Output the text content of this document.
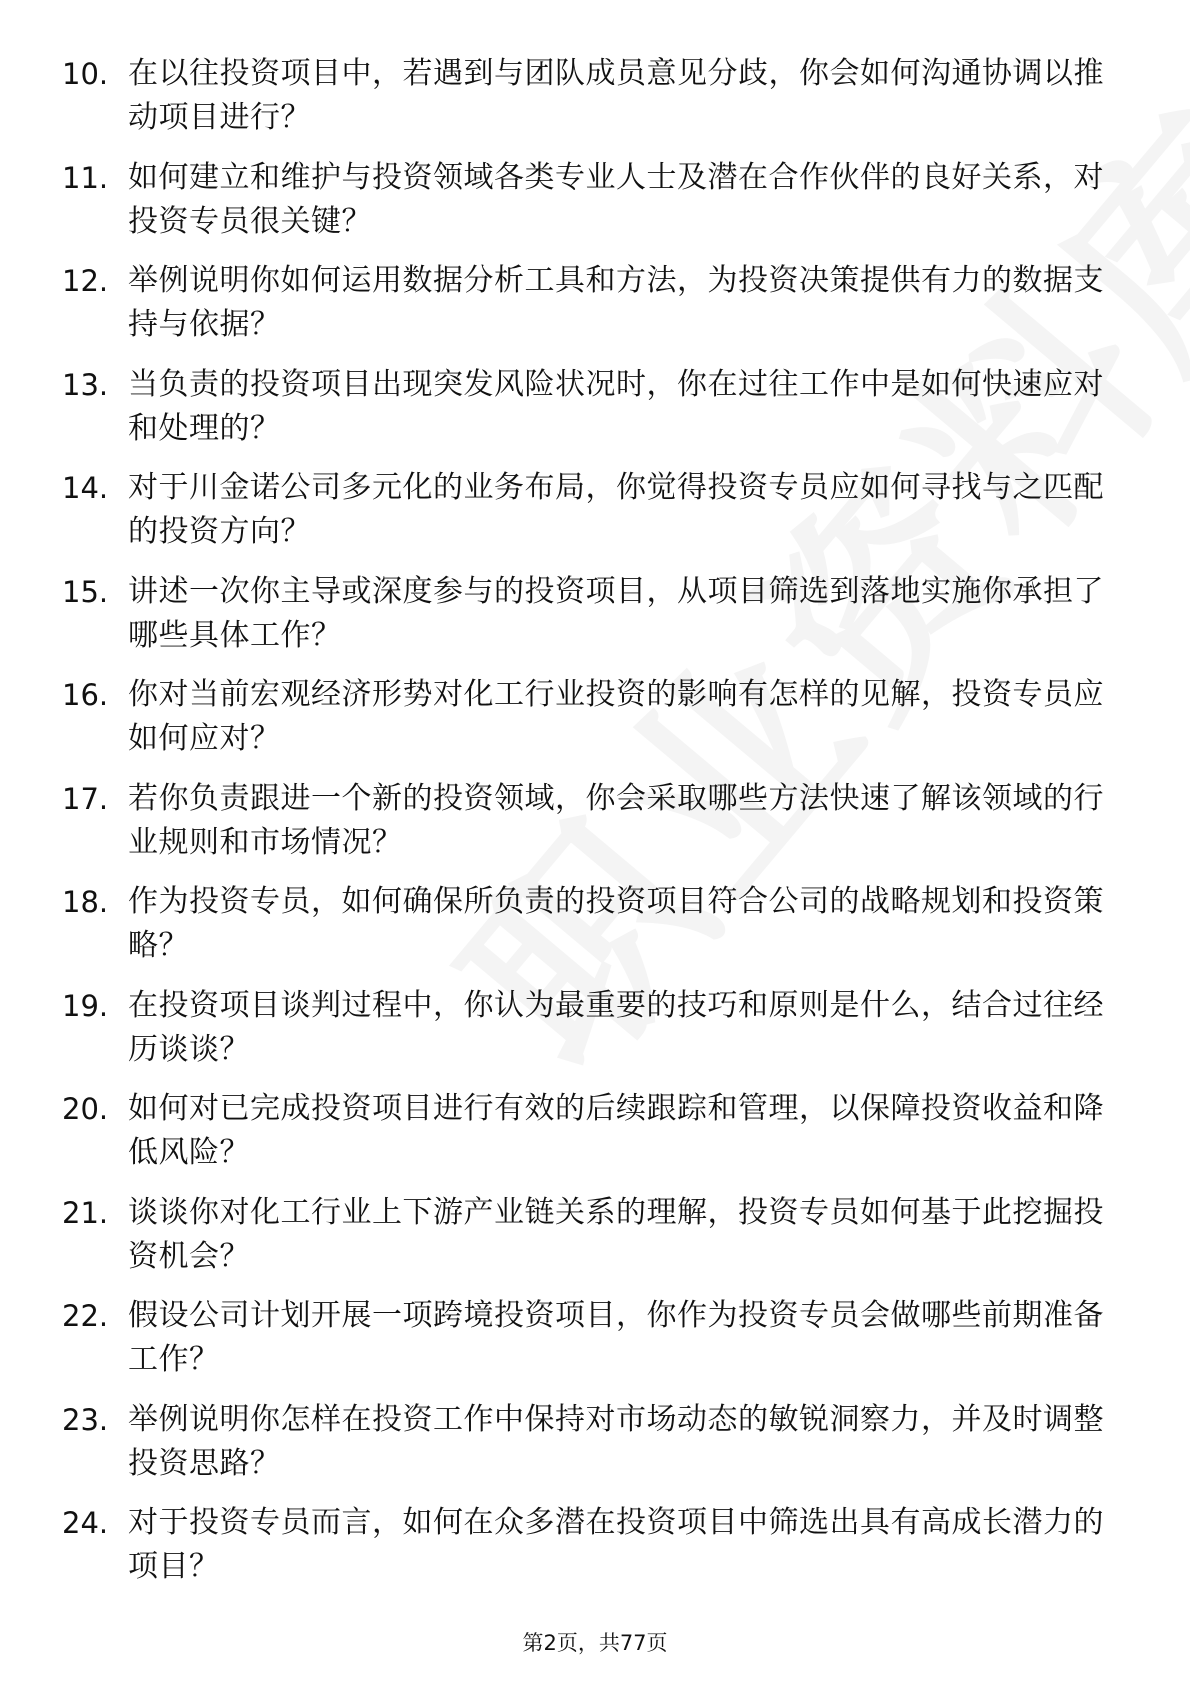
10. 在以往投资项目中，若遇到与团队成员意见分歧，你会如何沟通协调以推动项目进行？
11. 如何建立和维护与投资领域各类专业人士及潜在合作伙伴的良好关系，对投资专员很关键？
12. 举例说明你如何运用数据分析工具和方法，为投资决策提供有力的数据支持与依据？
13. 当负责的投资项目出现突发风险状况时，你在过往工作中是如何快速应对和处理的？
14. 对于川金诺公司多元化的业务布局，你觉得投资专员应如何寻找与之匹配的投资方向？
15. 讲述一次你主导或深度参与的投资项目，从项目筛选到落地实施你承担了哪些具体工作？
16. 你对当前宏观经济形势对化工行业投资的影响有怎样的见解，投资专员应如何应对？
17. 若你负责跟进一个新的投资领域，你会采取哪些方法快速了解该领域的行业规则和市场情况？
18. 作为投资专员，如何确保所负责的投资项目符合公司的战略规划和投资策略？
19. 在投资项目谈判过程中，你认为最重要的技巧和原则是什么，结合过往经历谈谈？
20. 如何对已完成投资项目进行有效的后续跟踪和管理，以保障投资收益和降低风险？
21. 谈谈你对化工行业上下游产业链关系的理解，投资专员如何基于此挖掘投资机会？
22. 假设公司计划开展一项跨境投资项目，你作为投资专员会做哪些前期准备工作？
23. 举例说明你怎样在投资工作中保持对市场动态的敏锐洞察力，并及时调整投资思路？
24. 对于投资专员而言，如何在众多潜在投资项目中筛选出具有高成长潜力的项目？
第2页，共77页
